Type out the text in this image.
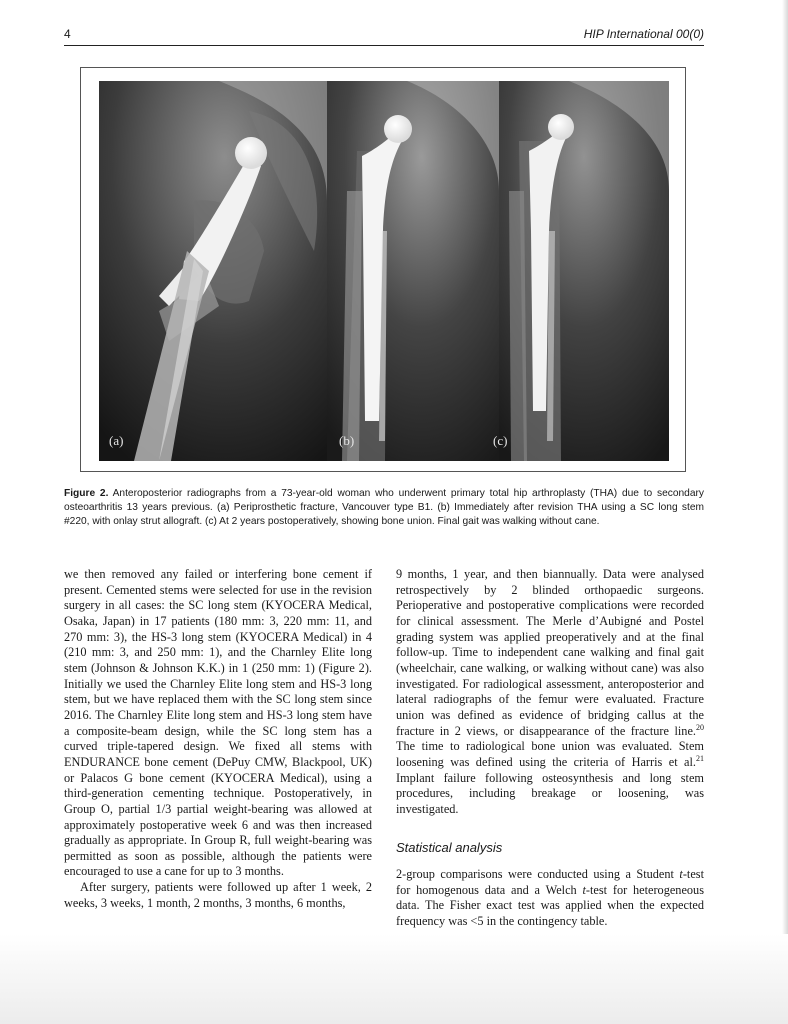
4	HIP International 00(0)
(a)	(b)	(c)
Figure 2. Anteroposterior radiographs from a 73-year-old woman who underwent primary total hip arthroplasty (THA) due to secondary osteoarthritis 13 years previous. (a) Periprosthetic fracture, Vancouver type B1. (b) Immediately after revision THA using a SC long stem #220, with onlay strut allograft. (c) At 2 years postoperatively, showing bone union. Final gait was walking without cane.

we then removed any failed or interfering bone cement if present. Cemented stems were selected for use in the revision surgery in all cases: the SC long stem (KYOCERA Medical, Osaka, Japan) in 17 patients (180 mm: 3, 220 mm: 11, and 270 mm: 3), the HS-3 long stem (KYOCERA Medical) in 4 (210 mm: 3, and 250 mm: 1), and the Charnley Elite long stem (Johnson & Johnson K.K.) in 1 (250 mm: 1) (Figure 2). Initially we used the Charnley Elite long stem and HS-3 long stem, but we have replaced them with the SC long stem since 2016. The Charnley Elite long stem and HS-3 long stem have a composite-beam design, while the SC long stem has a curved triple-tapered design. We fixed all stems with ENDURANCE bone cement (DePuy CMW, Blackpool, UK) or Palacos G bone cement (KYOCERA Medical), using a third-generation cementing technique. Postoperatively, in Group O, partial 1/3 partial weight-bearing was allowed at approximately postoperative week 6 and was then increased gradually as appropriate. In Group R, full weight-bearing was permitted as soon as possible, although the patients were encouraged to use a cane for up to 3 months.

After surgery, patients were followed up after 1 week, 2 weeks, 3 weeks, 1 month, 2 months, 3 months, 6 months,

9 months, 1 year, and then biannually. Data were analysed retrospectively by 2 blinded orthopaedic surgeons. Perioperative and postoperative complications were recorded for clinical assessment. The Merle d’Aubigné and Postel grading system was applied preoperatively and at the final follow-up. Time to independent cane walking and final gait (wheelchair, cane walking, or walking without cane) was also investigated. For radiological assessment, anteroposterior and lateral radiographs of the femur were evaluated. Fracture union was defined as evidence of bridging callus at the fracture in 2 views, or disappearance of the fracture line.$^{20}$ The time to radiological bone union was evaluated. Stem loosening was defined using the criteria of Harris et al.$^{21}$ Implant failure following osteosynthesis and long stem procedures, including breakage or loosening, was investigated.

Statistical analysis

2-group comparisons were conducted using a Student t-test for homogenous data and a Welch t-test for heterogeneous data. The Fisher exact test was applied when the expected frequency was <5 in the contingency table.
